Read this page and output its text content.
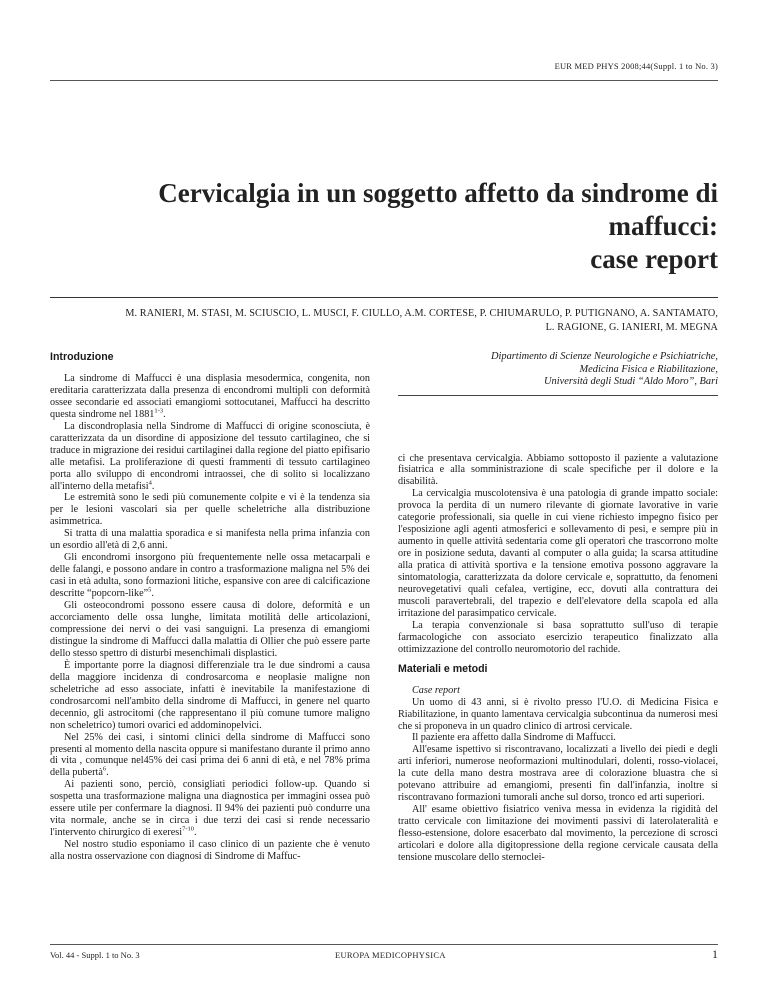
EUR MED PHYS 2008;44(Suppl. 1 to No. 3)
Cervicalgia in un soggetto affetto da sindrome di maffucci:
case report
M. RANIERI, M. STASI, M. SCIUSCIO, L. MUSCI, F. CIULLO, A.M. CORTESE, P. CHIUMARULO, P. PUTIGNANO, A. SANTAMATO,
L. RAGIONE, G. IANIERI, M. MEGNA
Introduzione

La sindrome di Maffucci è una displasia mesodermica, congenita, non ereditaria caratterizzata dalla presenza di encondromi multipli con deformità ossee secondarie ed associati emangiomi sottocutanei, Maffucci ha descritto questa sindrome nel 1881$^{1-3}$.

La discondroplasia nella Sindrome di Maffucci di origine sconosciuta, è caratterizzata da un disordine di apposizione del tessuto cartilagineo, che si traduce in migrazione dei residui cartilaginei dalla regione del piatto epifisario alle metafisi. La proliferazione di questi frammenti di tessuto cartilagineo porta allo sviluppo di encondromi intraossei, che di solito si localizzano all'interno della metafisi$^4$.

Le estremità sono le sedi più comunemente colpite e vi è la tendenza sia per le lesioni vascolari sia per quelle scheletriche alla distribuzione asimmetrica.

Si tratta di una malattia sporadica e si manifesta nella prima infanzia con un esordio all'età di 2,6 anni.

Gli encondromi insorgono più frequentemente nelle ossa metacarpali e delle falangi, e possono andare in contro a trasformazione maligna nel 5% dei casi in età adulta, sono formazioni litiche, espansive con aree di calcificazione descritte “popcorn-like”$^5$.

Gli osteocondromi possono essere causa di dolore, deformità e un accorciamento delle ossa lunghe, limitata motilità delle articolazioni, compressione dei nervi o dei vasi sanguigni. La presenza di emangiomi distingue la sindrome di Maffucci dalla malattia di Ollier che può essere parte dello stesso spettro di disturbi mesenchimali displastici.

È importante porre la diagnosi differenziale tra le due sindromi a causa della maggiore incidenza di condrosarcoma e neoplasie maligne non scheletriche ad esso associate, infatti è inevitabile la manifestazione di condrosarcomi nell'ambito della sindrome di Maffucci, in genere nel quarto decennio, gli astrocitomi (che rappresentano il più comune tumore maligno non scheletrico) tumori ovarici ed addominopelvici.

Nel 25% dei casi, i sintomi clinici della sindrome di Maffucci sono presenti al momento della nascita oppure si manifestano durante il primo anno di vita , comunque nel45% dei casi prima dei 6 anni di età, e nel 78% prima della pubertà$^6$.

Ai pazienti sono, perciò, consigliati periodici follow-up. Quando si sospetta una trasformazione maligna una diagnostica per immagini ossea può essere utile per confermare la diagnosi. Il 94% dei pazienti può condurre una vita normale, anche se in circa i due terzi dei casi si rende necessario l'intervento chirurgico di exeresi$^{7-10}$.

Nel nostro studio esponiamo il caso clinico di un paziente che è venuto alla nostra osservazione con diagnosi di Sindrome di Maffuc-

Dipartimento di Scienze Neurologiche e Psichiatriche,
Medicina Fisica e Riabilitazione,
Università degli Studi “Aldo Moro”, Bari

ci che presentava cervicalgia. Abbiamo sottoposto il paziente a valutazione fisiatrica e alla somministrazione di scale specifiche per il dolore e la disabilità.

La cervicalgia muscolotensiva è una patologia di grande impatto sociale: provoca la perdita di un numero rilevante di giornate lavorative in varie categorie professionali, sia quelle in cui viene richiesto impegno fisico per l'esposizione agli agenti atmosferici e sollevamento di pesi, e sempre più in aumento in quelle attività sedentaria come gli operatori che trascorrono molte ore in posizione seduta, davanti al computer o alla guida; la scarsa attitudine alla pratica di attività sportiva e la tensione emotiva possono aggravare la sintomatologia, caratterizzata da dolore cervicale e, soprattutto, da fenomeni neurovegetativi quali cefalea, vertigine, ecc, dovuti alla contrattura dei muscoli paravertebrali, del trapezio e dell'elevatore della scapola ed alla irritazione del parasimpatico cervicale.

La terapia convenzionale si basa soprattutto sull'uso di terapie farmacologiche con associato esercizio terapeutico finalizzato alla ottimizzazione del controllo neuromotorio del rachide.

Materiali e metodi

Case report

Un uomo di 43 anni, si è rivolto presso l'U.O. di Medicina Fisica e Riabilitazione, in quanto lamentava cervicalgia subcontinua da numerosi mesi che si proponeva in un quadro clinico di artrosi cervicale.

Il paziente era affetto dalla Sindrome di Maffucci.

All'esame ispettivo si riscontravano, localizzati a livello dei piedi e degli arti inferiori, numerose neoformazioni multinodulari, dolenti, rosso-violacei, la cute della mano destra mostrava aree di colorazione bluastra che si potevano attribuire ad emangiomi, presenti fin dall'infanzia, inoltre si riscontravano formazioni tumorali anche sul dorso, tronco ed arti superiori.

All' esame obiettivo fisiatrico veniva messa in evidenza la rigidità del tratto cervicale con limitazione dei movimenti passivi di laterolateralità e flesso-estensione, dolore esacerbato dal movimento, la percezione di scrosci articolari e dolore alla digitopressione della regione cervicale causata della tensione muscolare dello sternoclei-

Vol. 44 - Suppl. 1 to No. 3	EUROPA MEDICOPHYSICA	1
